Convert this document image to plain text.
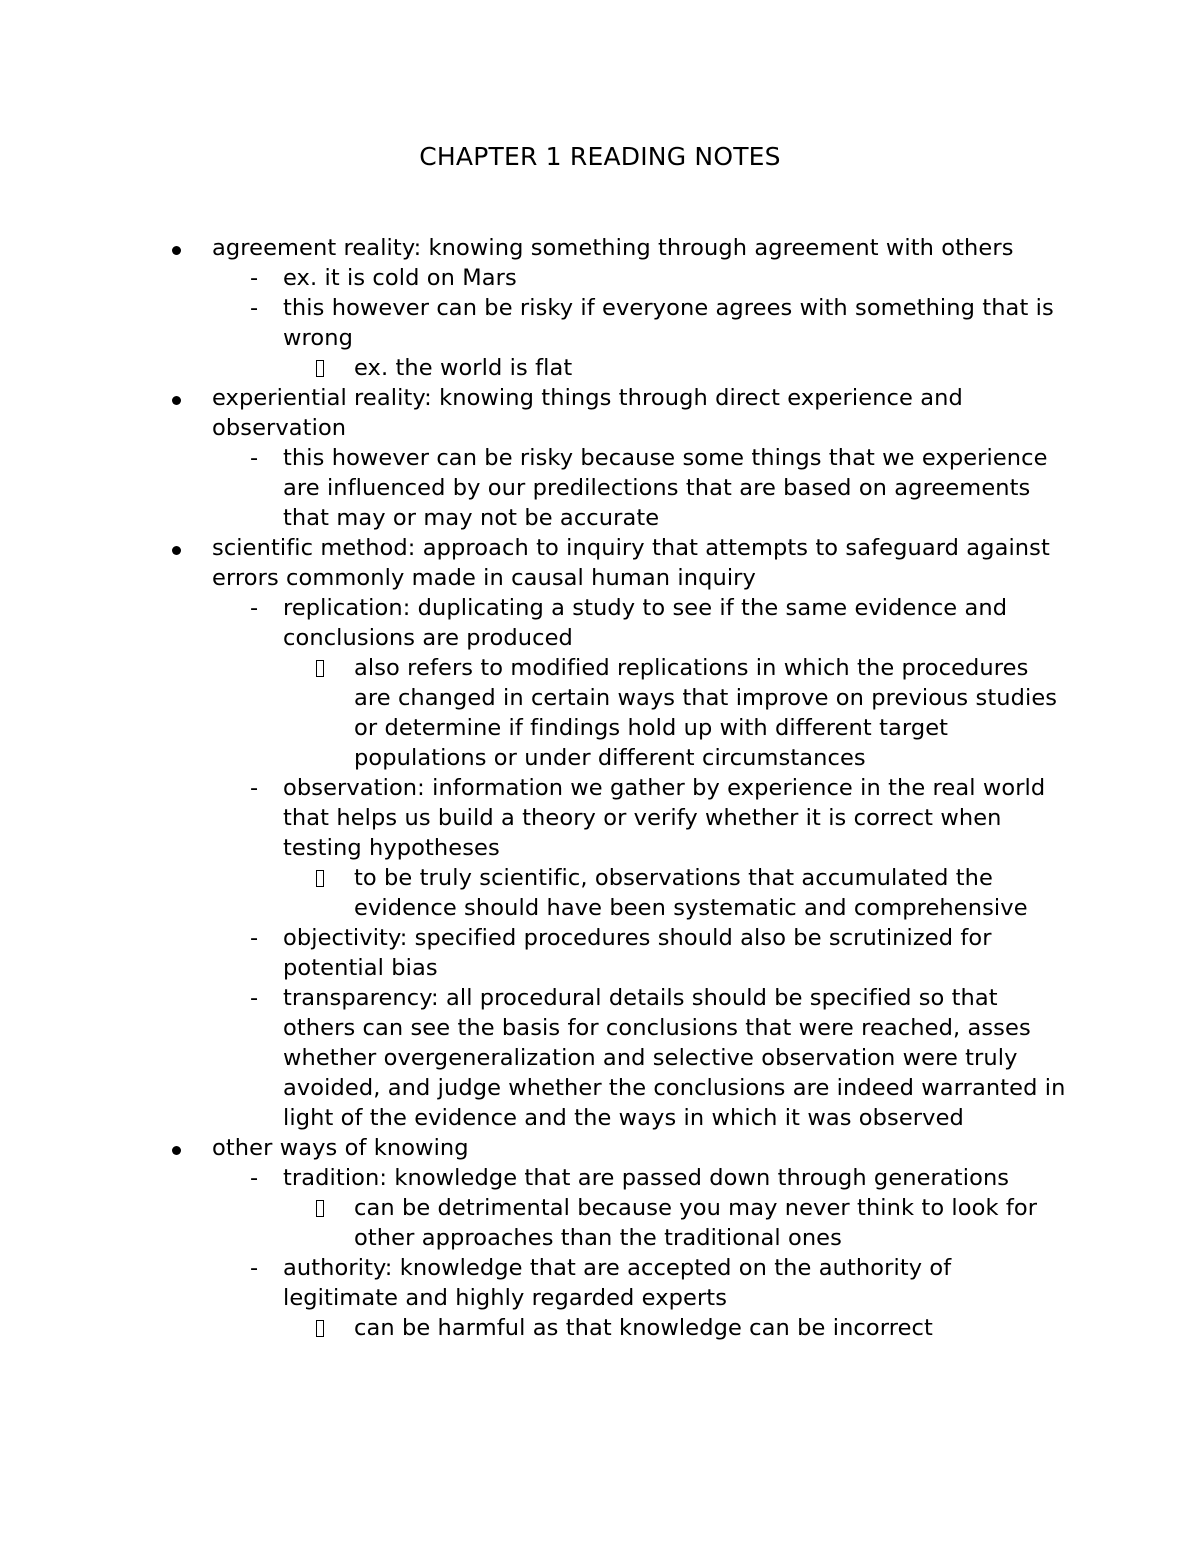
CHAPTER 1 READING NOTES
agreement reality: knowing something through agreement with others
- ex. it is cold on Mars
- this however can be risky if everyone agrees with something that is wrong
ex. the world is flat
experiential reality: knowing things through direct experience and observation
- this however can be risky because some things that we experience are influenced by our predilections that are based on agreements that may or may not be accurate
scientific method: approach to inquiry that attempts to safeguard against errors commonly made in causal human inquiry
- replication: duplicating a study to see if the same evidence and conclusions are produced
also refers to modified replications in which the procedures are changed in certain ways that improve on previous studies or determine if findings hold up with different target populations or under different circumstances
- observation: information we gather by experience in the real world that helps us build a theory or verify whether it is correct when testing hypotheses
to be truly scientific, observations that accumulated the evidence should have been systematic and comprehensive
- objectivity: specified procedures should also be scrutinized for potential bias
- transparency: all procedural details should be specified so that others can see the basis for conclusions that were reached, asses whether overgeneralization and selective observation were truly avoided, and judge whether the conclusions are indeed warranted in light of the evidence and the ways in which it was observed
other ways of knowing
- tradition: knowledge that are passed down through generations
can be detrimental because you may never think to look for other approaches than the traditional ones
- authority: knowledge that are accepted on the authority of legitimate and highly regarded experts
can be harmful as that knowledge can be incorrect
